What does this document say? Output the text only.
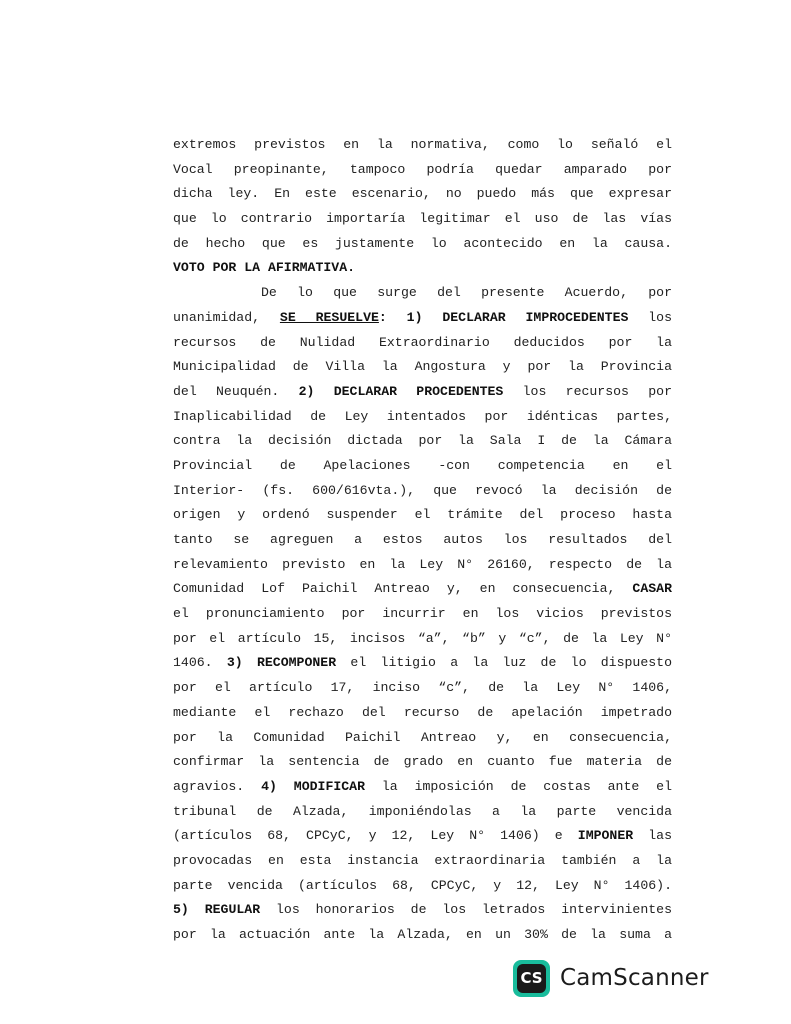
extremos previstos en la normativa, como lo señaló el
Vocal preopinante, tampoco podría quedar amparado por
dicha ley. En este escenario, no puedo más que expresar
que lo contrario importaría legitimar el uso de las vías
de hecho que es justamente lo acontecido en la causa.
VOTO POR LA AFIRMATIVA.
De lo que surge del presente Acuerdo, por
unanimidad, SE RESUELVE: 1) DECLARAR IMPROCEDENTES los
recursos de Nulidad Extraordinario deducidos por la
Municipalidad de Villa la Angostura y por la Provincia
del Neuquén. 2) DECLARAR PROCEDENTES los recursos por
Inaplicabilidad de Ley intentados por idénticas partes,
contra la decisión dictada por la Sala I de la Cámara
Provincial de Apelaciones -con competencia en el
Interior- (fs. 600/616vta.), que revocó la decisión de
origen y ordenó suspender el trámite del proceso hasta
tanto se agreguen a estos autos los resultados del
relevamiento previsto en la Ley N° 26160, respecto de la
Comunidad Lof Paichil Antreao y, en consecuencia, CASAR
el pronunciamiento por incurrir en los vicios previstos
por el artículo 15, incisos “a”, “b” y “c”, de la Ley N°
1406. 3) RECOMPONER el litigio a la luz de lo dispuesto
por el artículo 17, inciso “c”, de la Ley N° 1406,
mediante el rechazo del recurso de apelación impetrado
por la Comunidad Paichil Antreao y, en consecuencia,
confirmar la sentencia de grado en cuanto fue materia de
agravios. 4) MODIFICAR la imposición de costas ante el
tribunal de Alzada, imponiéndolas a la parte vencida
(artículos 68, CPCyC, y 12, Ley N° 1406) e IMPONER las
provocadas en esta instancia extraordinaria también a la
parte vencida (artículos 68, CPCyC, y 12, Ley N° 1406).
5) REGULAR los honorarios de los letrados intervinientes
por la actuación ante la Alzada, en un 30% de la suma a
CS CamScanner
